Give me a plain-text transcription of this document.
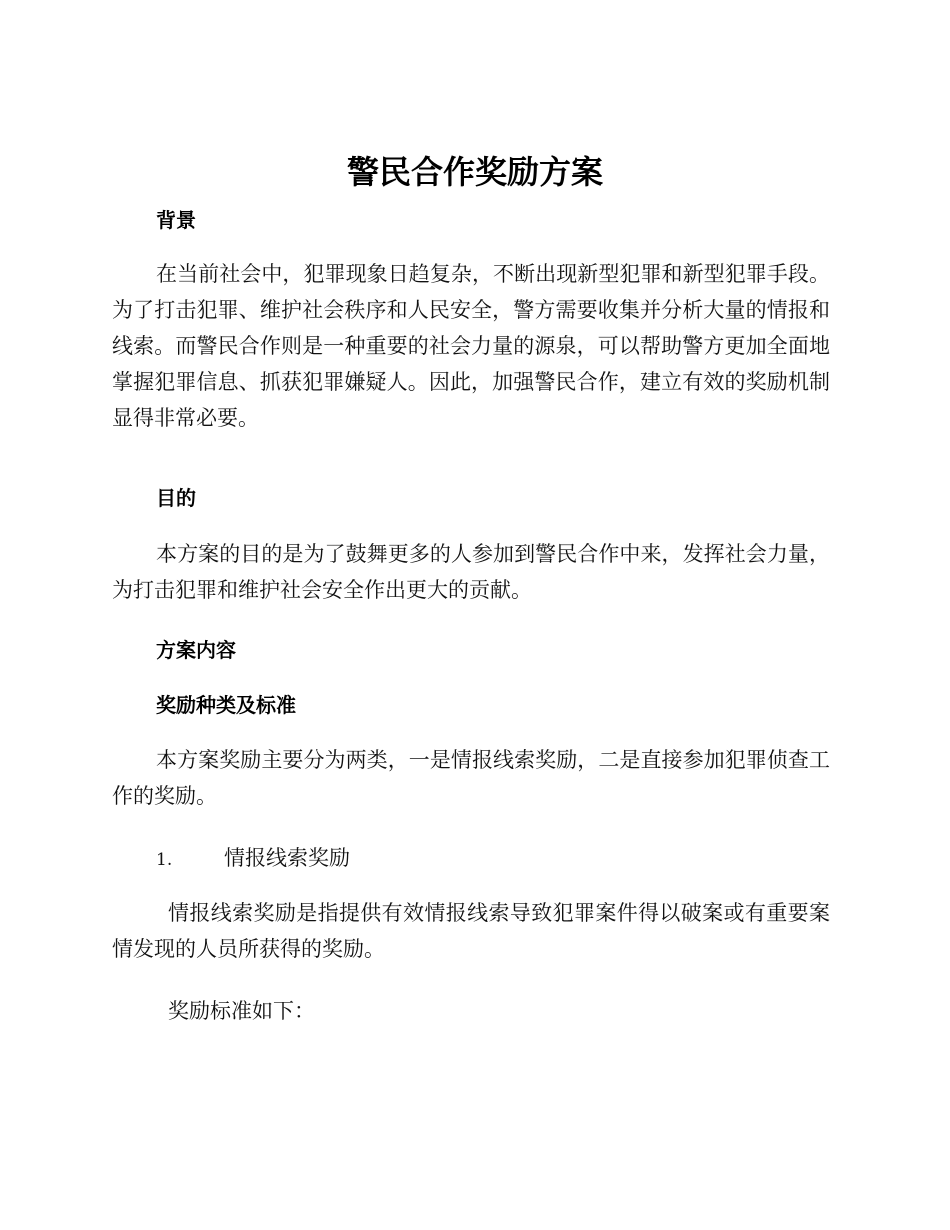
警民合作奖励方案
背景

在当前社会中，犯罪现象日趋复杂，不断出现新型犯罪和新型犯罪手段。为了打击犯罪、维护社会秩序和人民安全，警方需要收集并分析大量的情报和线索。而警民合作则是一种重要的社会力量的源泉，可以帮助警方更加全面地掌握犯罪信息、抓获犯罪嫌疑人。因此，加强警民合作，建立有效的奖励机制显得非常必要。

目的

本方案的目的是为了鼓舞更多的人参加到警民合作中来，发挥社会力量，为打击犯罪和维护社会安全作出更大的贡献。

方案内容
奖励种类及标准

本方案奖励主要分为两类，一是情报线索奖励，二是直接参加犯罪侦查工作的奖励。

1. 情报线索奖励

情报线索奖励是指提供有效情报线索导致犯罪案件得以破案或有重要案情发现的人员所获得的奖励。

奖励标准如下：
